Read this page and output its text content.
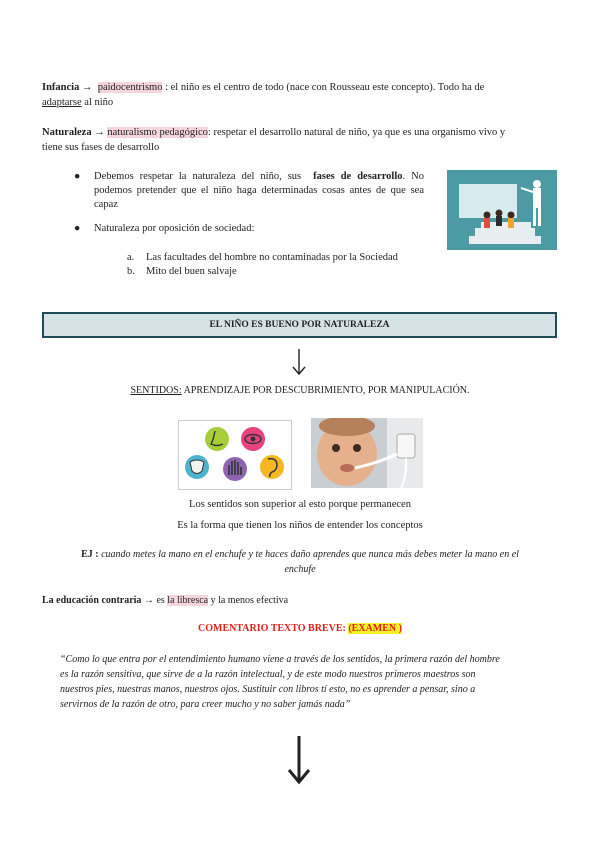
Infancia → paidocentrismo : el niño es el centro de todo (nace con Rousseau este concepto). Todo ha de

adaptarse al niño

Naturaleza → naturalismo pedagógico: respetar el desarrollo natural de niño, ya que es una organismo vivo y

tiene sus fases de desarrollo

● Debemos respetar la naturaleza del niño, sus fases de desarrollo. No podemos pretender que el niño haga determinadas cosas antes de que sea capaz
● Naturaleza por oposición de sociedad:
a. Las facultades del hombre no contaminadas por la Sociedad
b. Mito del buen salvaje
EL NIÑO ES BUENO POR NATURALEZA
SENTIDOS: APRENDIZAJE POR DESCUBRIMIENTO, POR MANIPULACIÓN.
Los sentidos son superior al esto porque permanecen
Es la forma que tienen los niños de entender los conceptos
EJ : cuando metes la mano en el enchufe y te haces daño aprendes que nunca más debes meter la mano en el
enchufe
La educación contraria → es la libresca y la menos efectiva
COMENTARIO TEXTO BREVE: (EXAMEN )

“Como lo que entra por el entendimiento humano viene a través de los sentidos, la primera razón del hombre

es la razón sensitiva, que sirve de a la razón intelectual, y de este modo nuestros primeros maestros son

nuestros pies, nuestras manos, nuestros ojos. Sustituir con libros tí esto, no es aprender a pensar, sino a

servirnos de la razón de otro, para creer mucho y no saber jamás nada”
